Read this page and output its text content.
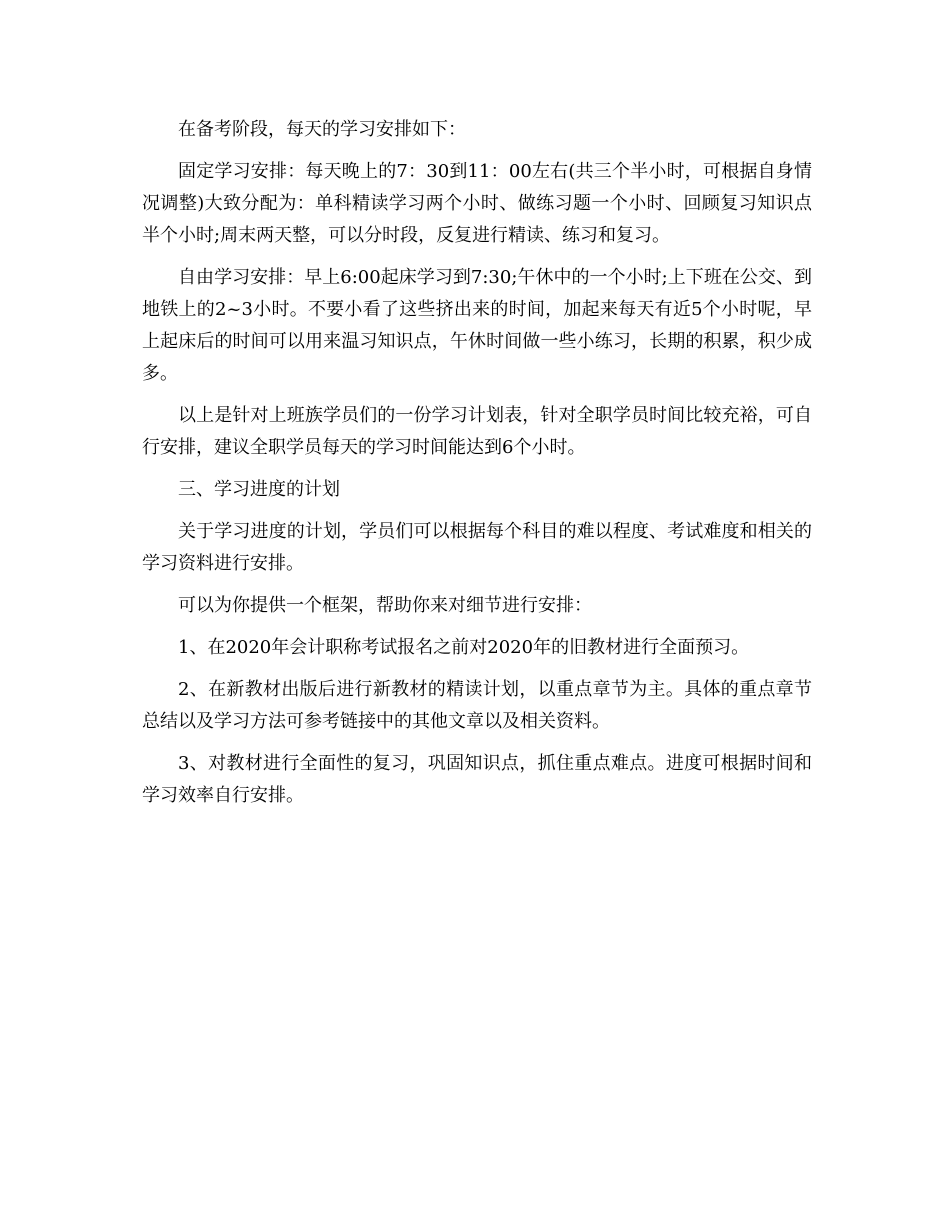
在备考阶段，每天的学习安排如下：

固定学习安排：每天晚上的7：30到11：00左右(共三个半小时，可根据自身情况调整)大致分配为：单科精读学习两个小时、做练习题一个小时、回顾复习知识点半个小时;周末两天整，可以分时段，反复进行精读、练习和复习。

自由学习安排：早上6:00起床学习到7:30;午休中的一个小时;上下班在公交、到地铁上的2~3小时。不要小看了这些挤出来的时间，加起来每天有近5个小时呢，早上起床后的时间可以用来温习知识点，午休时间做一些小练习，长期的积累，积少成多。

以上是针对上班族学员们的一份学习计划表，针对全职学员时间比较充裕，可自行安排，建议全职学员每天的学习时间能达到6个小时。

三、学习进度的计划

关于学习进度的计划，学员们可以根据每个科目的难以程度、考试难度和相关的学习资料进行安排。

可以为你提供一个框架，帮助你来对细节进行安排：

1、在2020年会计职称考试报名之前对2020年的旧教材进行全面预习。

2、在新教材出版后进行新教材的精读计划，以重点章节为主。具体的重点章节总结以及学习方法可参考链接中的其他文章以及相关资料。

3、对教材进行全面性的复习，巩固知识点，抓住重点难点。进度可根据时间和学习效率自行安排。
